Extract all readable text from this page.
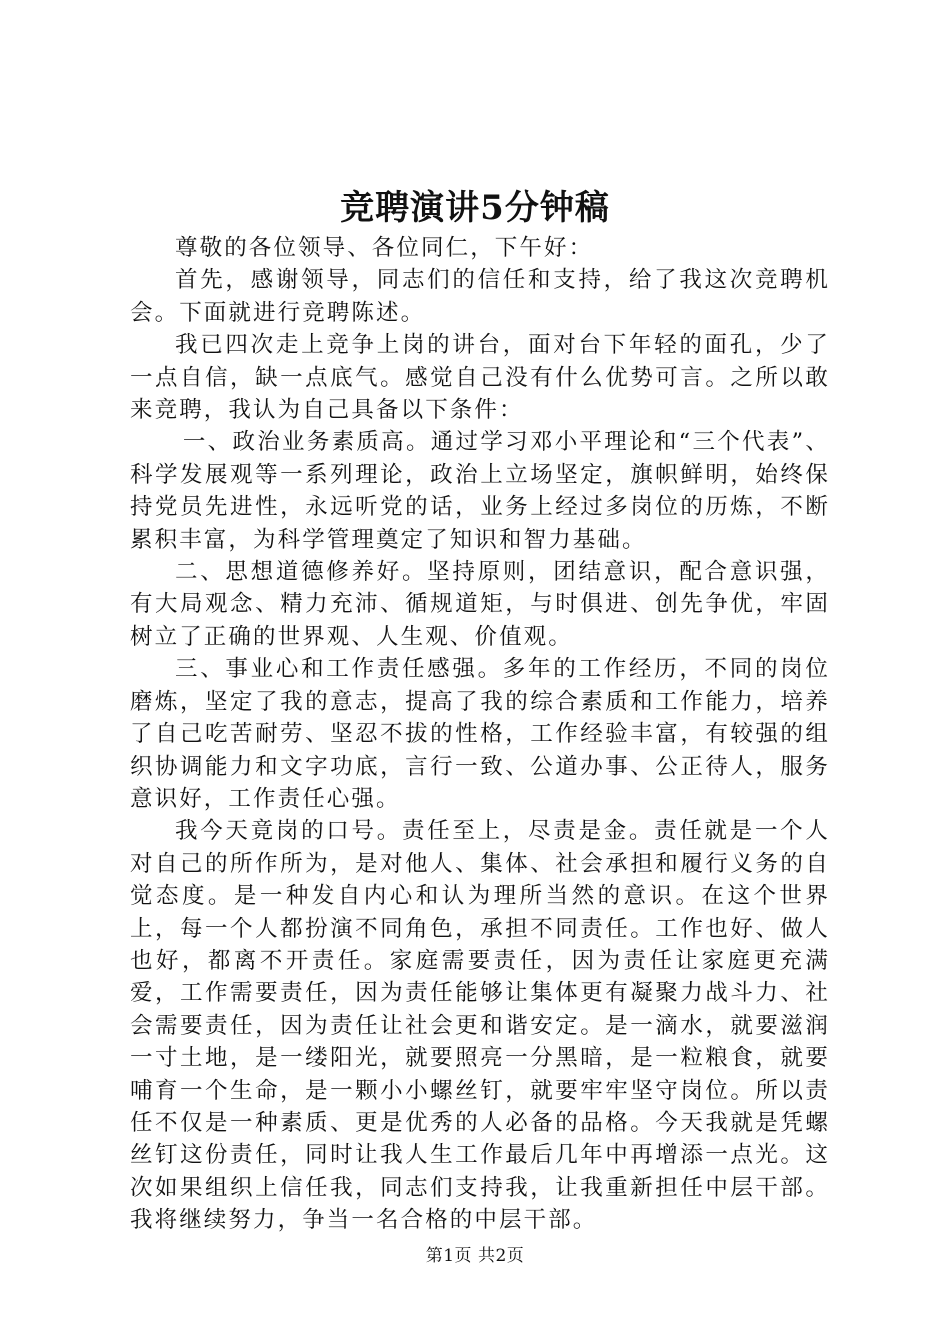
竞聘演讲5分钟稿

尊敬的各位领导、各位同仁，下午好：

首先，感谢领导，同志们的信任和支持，给了我这次竞聘机会。下面就进行竞聘陈述。

我已四次走上竞争上岗的讲台，面对台下年轻的面孔，少了一点自信，缺一点底气。感觉自己没有什么优势可言。之所以敢来竞聘，我认为自己具备以下条件：

一、政治业务素质高。通过学习邓小平理论和“三个代表”、科学发展观等一系列理论，政治上立场坚定，旗帜鲜明，始终保持党员先进性，永远听党的话，业务上经过多岗位的历炼，不断累积丰富，为科学管理奠定了知识和智力基础。

二、思想道德修养好。坚持原则，团结意识，配合意识强，有大局观念、精力充沛、循规道矩，与时俱进、创先争优，牢固树立了正确的世界观、人生观、价值观。

三、事业心和工作责任感强。多年的工作经历，不同的岗位磨炼，坚定了我的意志，提高了我的综合素质和工作能力，培养了自己吃苦耐劳、坚忍不拔的性格，工作经验丰富，有较强的组织协调能力和文字功底，言行一致、公道办事、公正待人，服务意识好，工作责任心强。

我今天竟岗的口号。责任至上，尽责是金。责任就是一个人对自己的所作所为，是对他人、集体、社会承担和履行义务的自觉态度。是一种发自内心和认为理所当然的意识。在这个世界上，每一个人都扮演不同角色，承担不同责任。工作也好、做人也好，都离不开责任。家庭需要责任，因为责任让家庭更充满爱，工作需要责任，因为责任能够让集体更有凝聚力战斗力、社会需要责任，因为责任让社会更和谐安定。是一滴水，就要滋润一寸土地，是一缕阳光，就要照亮一分黑暗，是一粒粮食，就要哺育一个生命，是一颗小小螺丝钉，就要牢牢坚守岗位。所以责任不仅是一种素质、更是优秀的人必备的品格。今天我就是凭螺丝钉这份责任，同时让我人生工作最后几年中再增添一点光。这次如果组织上信任我，同志们支持我，让我重新担任中层干部。我将继续努力，争当一名合格的中层干部。

第1页 共2页
